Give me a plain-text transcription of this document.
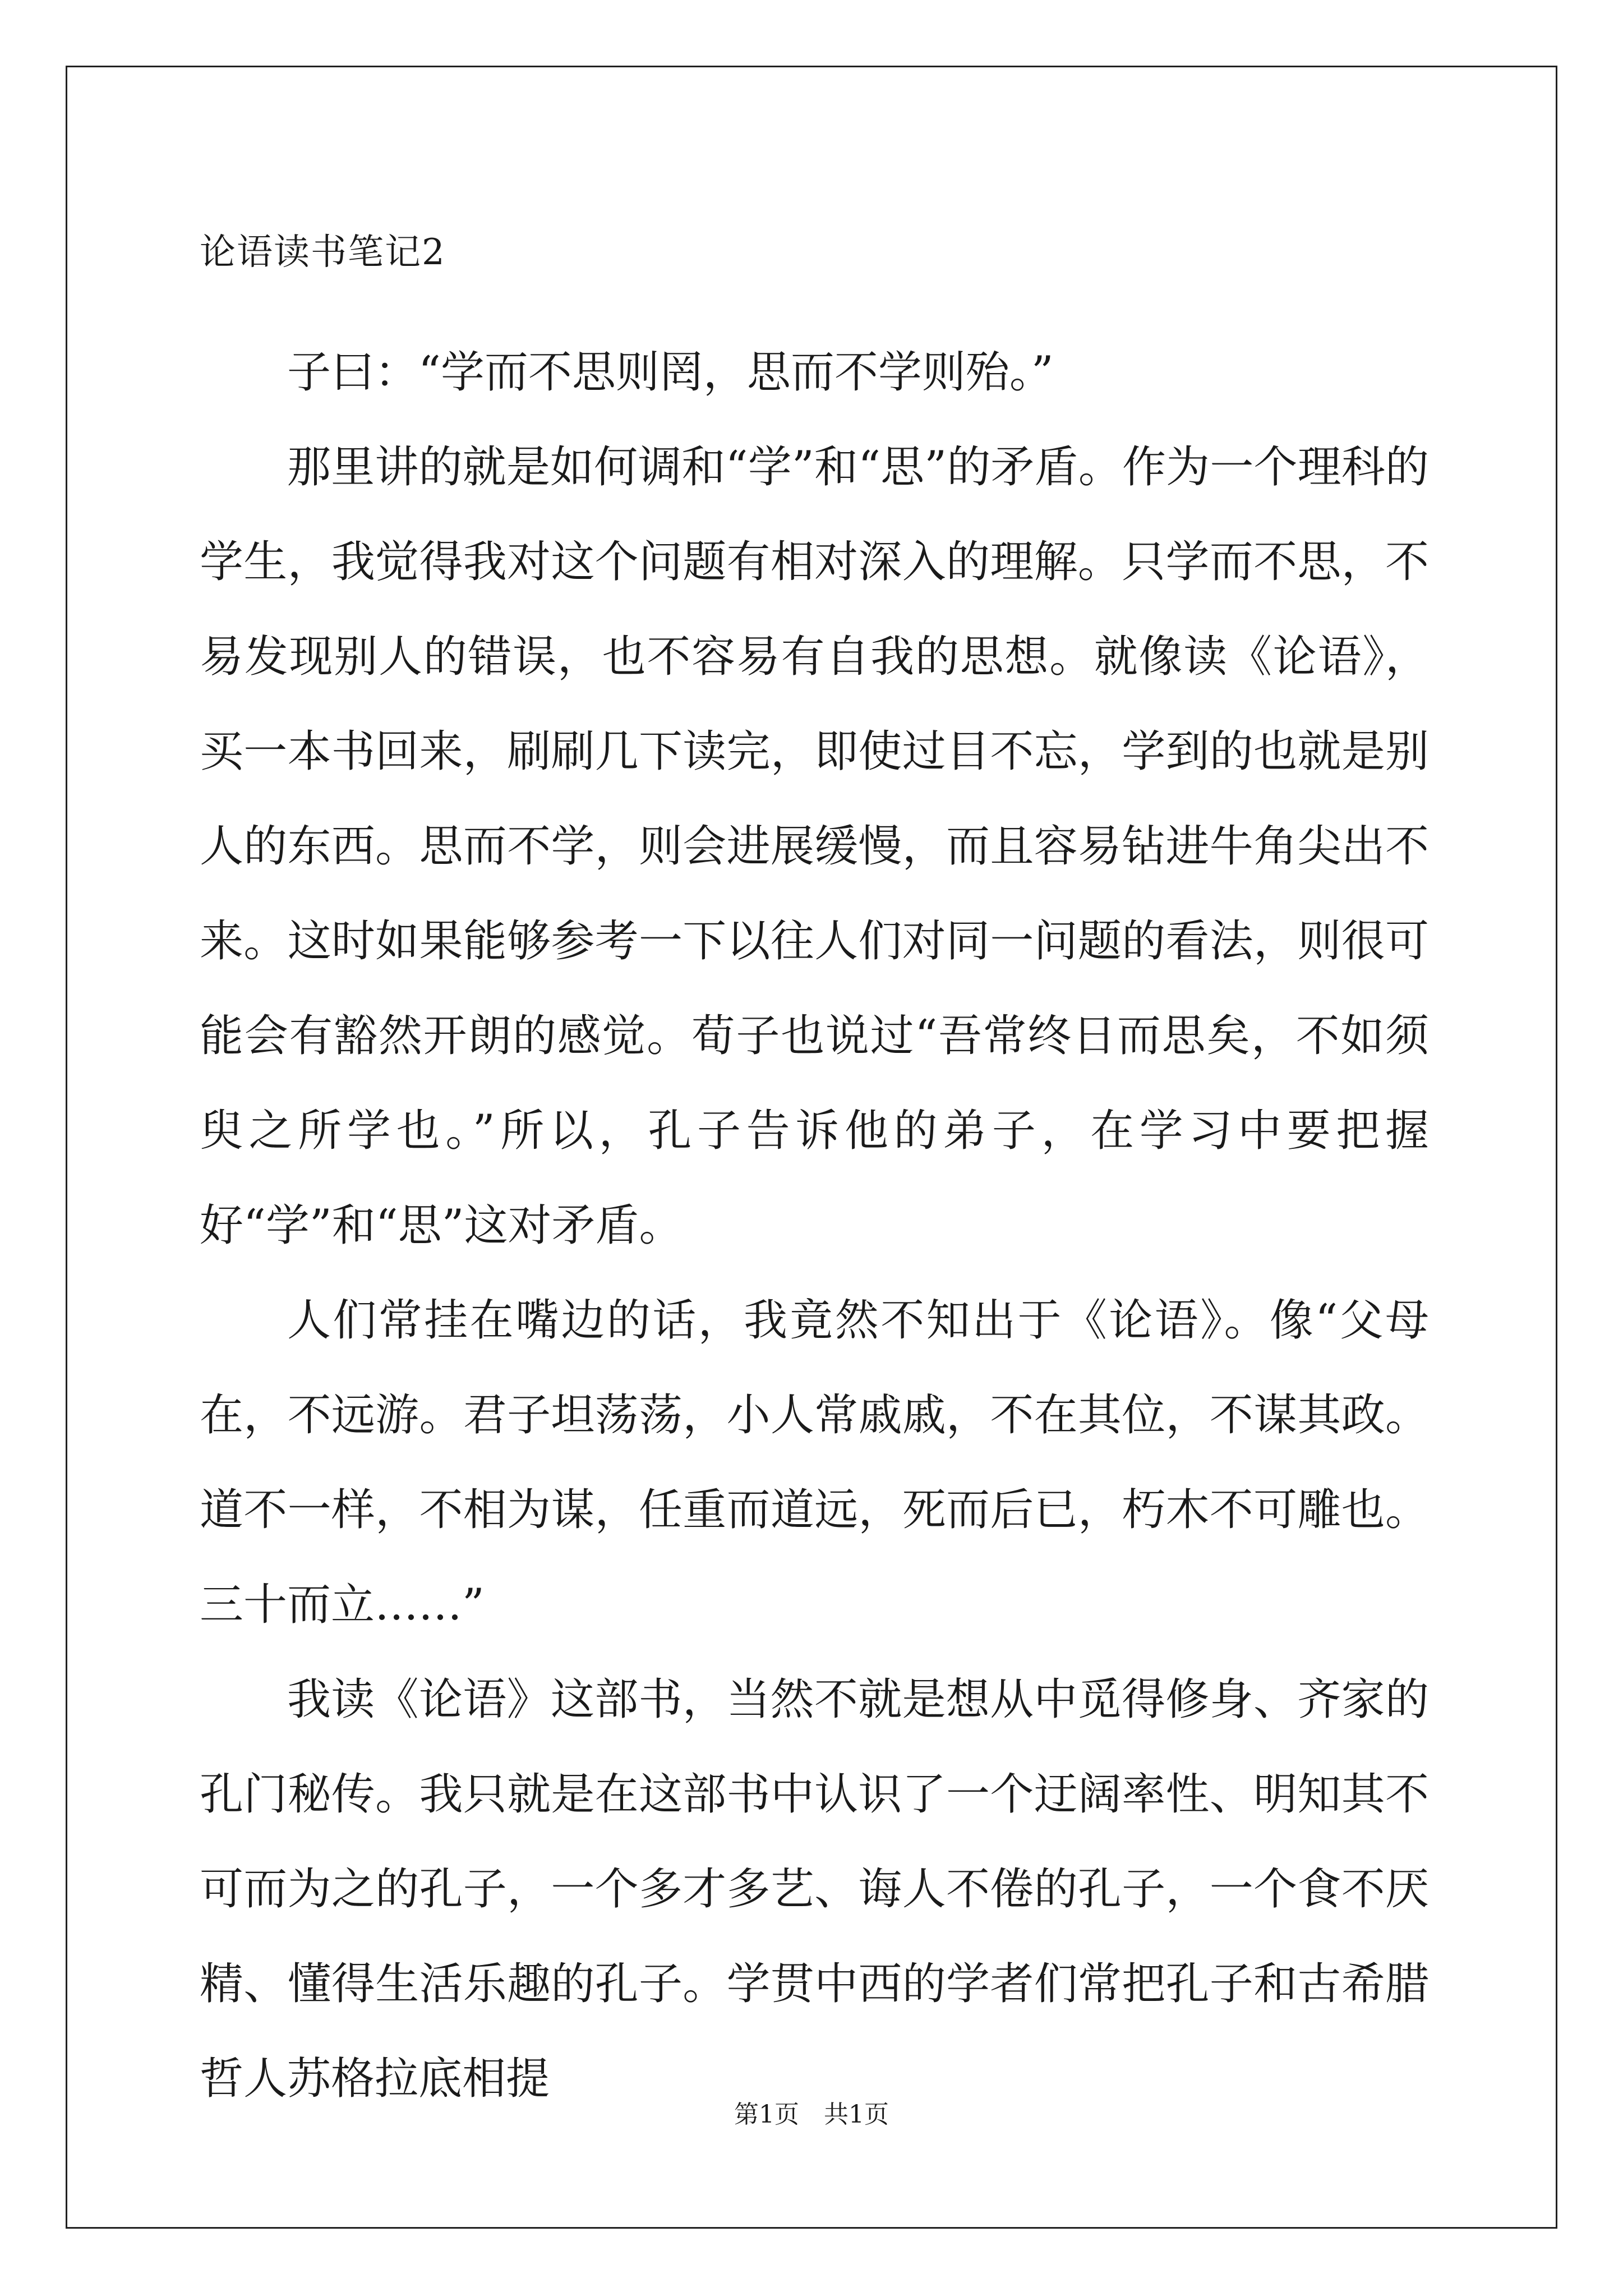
论语读书笔记2

子曰：“学而不思则罔，思而不学则殆。”

那里讲的就是如何调和“学”和“思”的矛盾。作为一个理科的学生，我觉得我对这个问题有相对深入的理解。只学而不思，不易发现别人的错误，也不容易有自我的思想。就像读《论语》，买一本书回来，刷刷几下读完，即使过目不忘，学到的也就是别人的东西。思而不学，则会进展缓慢，而且容易钻进牛角尖出不来。这时如果能够参考一下以往人们对同一问题的看法，则很可能会有豁然开朗的感觉。荀子也说过“吾常终日而思矣，不如须臾之所学也。”所以，孔子告诉他的弟子，在学习中要把握好“学”和“思”这对矛盾。

人们常挂在嘴边的话，我竟然不知出于《论语》。像“父母在，不远游。君子坦荡荡，小人常戚戚，不在其位，不谋其政。道不一样，不相为谋，任重而道远，死而后已，朽木不可雕也。三十而立……”

我读《论语》这部书，当然不就是想从中觅得修身、齐家的孔门秘传。我只就是在这部书中认识了一个迂阔率性、明知其不可而为之的孔子，一个多才多艺、诲人不倦的孔子，一个食不厌精、懂得生活乐趣的孔子。学贯中西的学者们常把孔子和古希腊哲人苏格拉底相提

第1页　共1页
